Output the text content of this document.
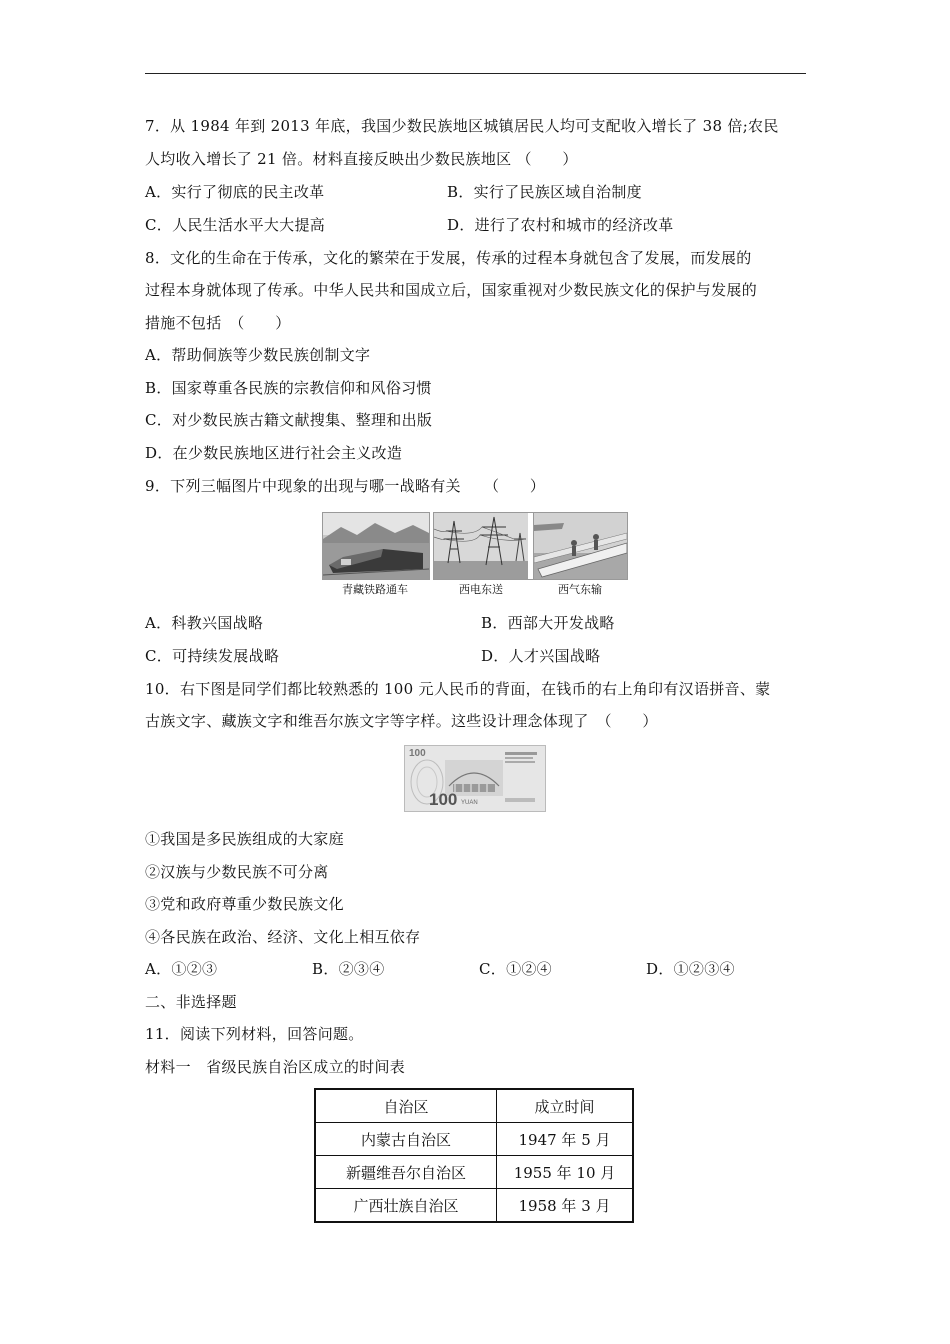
7．从 1984 年到 2013 年底，我国少数民族地区城镇居民人均可支配收入增长了 38 倍;农民
人均收入增长了 21 倍。材料直接反映出少数民族地区 （　　）
A．实行了彻底的民主改革	B．实行了民族区域自治制度
C．人民生活水平大大提高	D．进行了农村和城市的经济改革
8．文化的生命在于传承，文化的繁荣在于发展，传承的过程本身就包含了发展，而发展的
过程本身就体现了传承。中华人民共和国成立后，国家重视对少数民族文化的保护与发展的
措施不包括　（　　）
A．帮助侗族等少数民族创制文字
B．国家尊重各民族的宗教信仰和风俗习惯
C．对少数民族古籍文献搜集、整理和出版
D．在少数民族地区进行社会主义改造
9．下列三幅图片中现象的出现与哪一战略有关　　（　　）
青藏铁路通车	西电东送	西气东输
A．科教兴国战略	B．西部大开发战略
C．可持续发展战略	D．人才兴国战略
10．右下图是同学们都比较熟悉的 100 元人民币的背面，在钱币的右上角印有汉语拼音、蒙
古族文字、藏族文字和维吾尔族文字等字样。这些设计理念体现了　（　　）
100
100 YUAN
①我国是多民族组成的大家庭
②汉族与少数民族不可分离
③党和政府尊重少数民族文化
④各民族在政治、经济、文化上相互依存
A．①②③	B．②③④	C．①②④	D．①②③④
二、非选择题
11．阅读下列材料，回答问题。
材料一　省级民族自治区成立的时间表
自治区	成立时间
内蒙古自治区	1947 年 5 月
新疆维吾尔自治区	1955 年 10 月
广西壮族自治区	1958 年 3 月
